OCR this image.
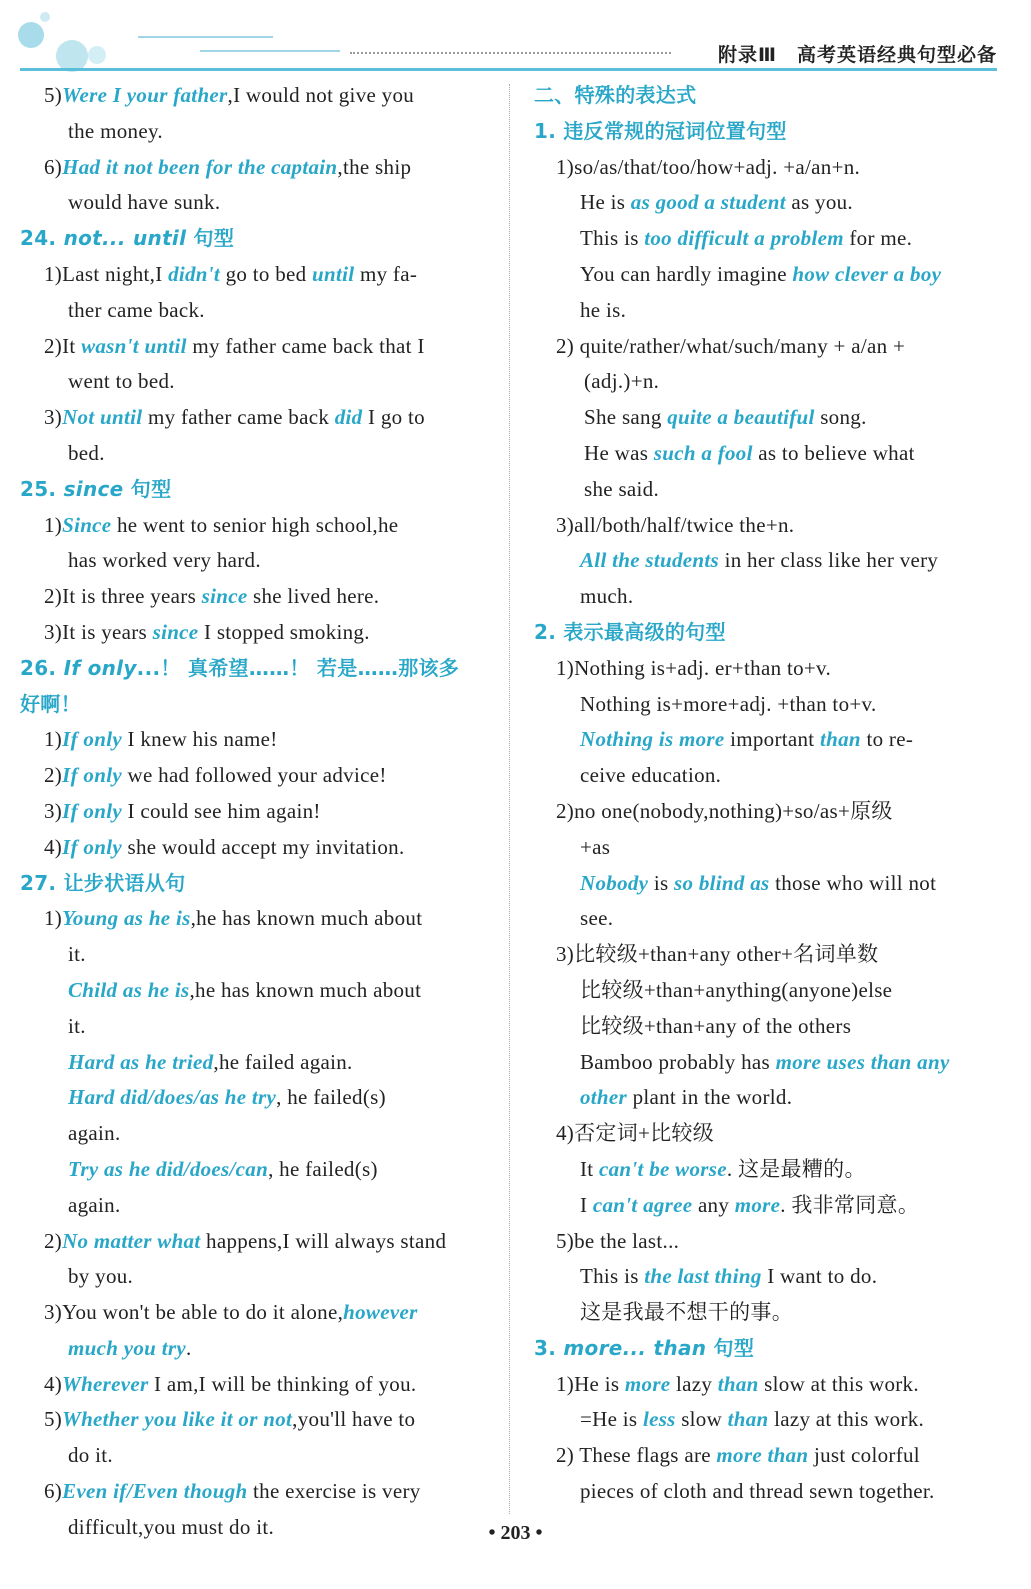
附录Ⅲ　高考英语经典句型必备
5)Were I your father,I would not give you
the money.
6)Had it not been for the captain,the ship
would have sunk.
24. not... until 句型
1)Last night,I didn't go to bed until my fa-
ther came back.
2)It wasn't until my father came back that I
went to bed.
3)Not until my father came back did I go to
bed.
25. since 句型
1)Since he went to senior high school,he
has worked very hard.
2)It is three years since she lived here.
3)It is years since I stopped smoking.
26. If only...！ 真希望……！ 若是……那该多
好啊！
1)If only I knew his name!
2)If only we had followed your advice!
3)If only I could see him again!
4)If only she would accept my invitation.
27. 让步状语从句
1)Young as he is,he has known much about
it.
Child as he is,he has known much about
it.
Hard as he tried,he failed again.
Hard did/does/as he try, he failed(s)
again.
Try as he did/does/can, he failed(s)
again.
2)No matter what happens,I will always stand
by you.
3)You won't be able to do it alone,however
much you try.
4)Wherever I am,I will be thinking of you.
5)Whether you like it or not,you'll have to
do it.
6)Even if/Even though the exercise is very
difficult,you must do it.
二、特殊的表达式
1. 违反常规的冠词位置句型
1)so/as/that/too/how+adj. +a/an+n.
He is as good a student as you.
This is too difficult a problem for me.
You can hardly imagine how clever a boy
he is.
2) quite/rather/what/such/many + a/an +
(adj.)+n.
She sang quite a beautiful song.
He was such a fool as to believe what
she said.
3)all/both/half/twice the+n.
All the students in her class like her very
much.
2. 表示最高级的句型
1)Nothing is+adj. er+than to+v.
Nothing is+more+adj. +than to+v.
Nothing is more important than to re-
ceive education.
2)no one(nobody,nothing)+so/as+原级
+as
Nobody is so blind as those who will not
see.
3)比较级+than+any other+名词单数
比较级+than+anything(anyone)else
比较级+than+any of the others
Bamboo probably has more uses than any
other plant in the world.
4)否定词+比较级
It can't be worse. 这是最糟的。
I can't agree any more. 我非常同意。
5)be the last...
This is the last thing I want to do.
这是我最不想干的事。
3. more... than 句型
1)He is more lazy than slow at this work.
=He is less slow than lazy at this work.
2) These flags are more than just colorful
pieces of cloth and thread sewn together.
• 203 •
